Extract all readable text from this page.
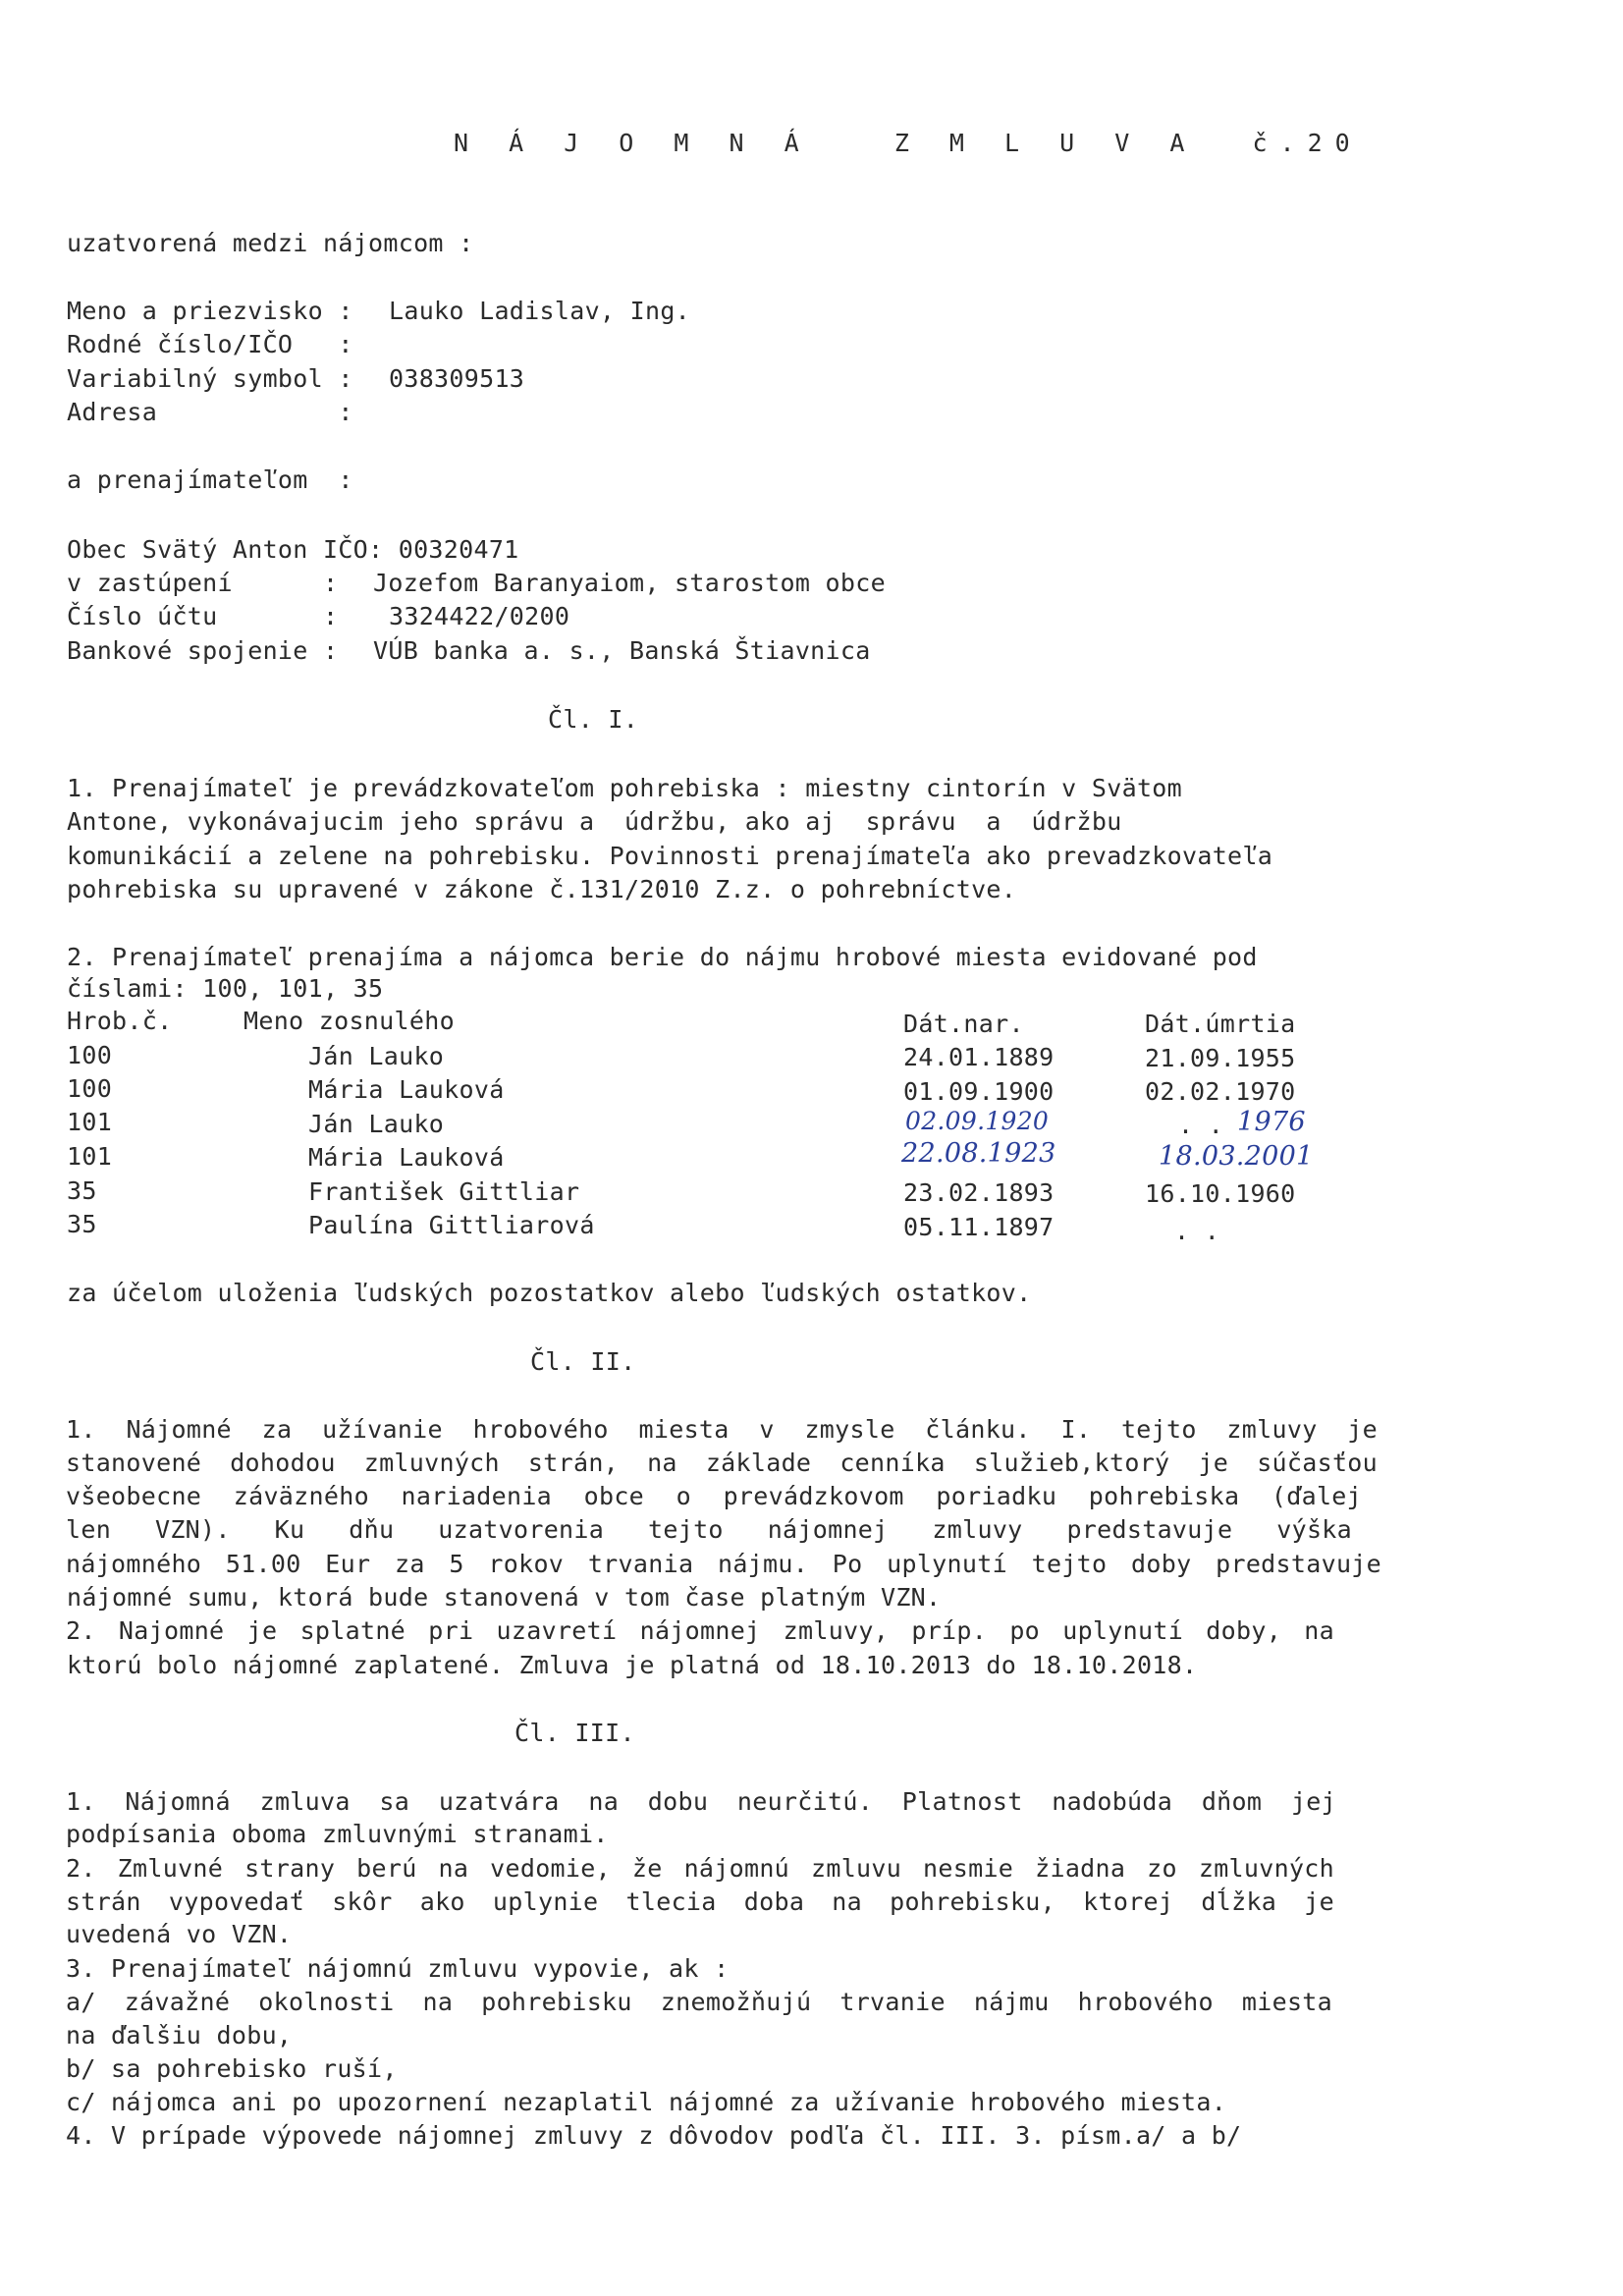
N Á J O M N Á   Z M L U V A  č.20
uzatvorená medzi nájomcom :
Meno a priezvisko : Lauko Ladislav, Ing.
Rodné číslo/IČO   :
Variabilný symbol : 038309513
Adresa            :
a prenajímateľom  :
Obec Svätý Anton IČO: 00320471
v zastúpení      : Jozefom Baranyaiom, starostom obce
Číslo účtu       : 3324422/0200
Bankové spojenie : VÚB banka a. s., Banská Štiavnica
Čl. I.
1. Prenajímateľ je prevádzkovateľom pohrebiska : miestny cintorín v Svätom
Antone, vykonávajucim jeho správu a  údržbu, ako aj  správu  a  údržbu
komunikácií a zelene na pohrebisku. Povinnosti prenajímateľa ako prevadzkovateľa
pohrebiska su upravené v zákone č.131/2010 Z.z. o pohrebníctve.
2. Prenajímateľ prenajíma a nájomca berie do nájmu hrobové miesta evidované pod
číslami: 100, 101, 35
Hrob.č.	Meno zosnulého	Dát.nar.	Dát.úmrtia
100	Ján Lauko	24.01.1889	21.09.1955
100	Mária Lauková	01.09.1900	02.02.1970
101	Ján Lauko	02.09.1920	. . 1976
101	Mária Lauková	22.08.1923	18.03.2001
35	František Gittliar	23.02.1893	16.10.1960
35	Paulína Gittliarová	05.11.1897	. .
za účelom uloženia ľudských pozostatkov alebo ľudských ostatkov.
Čl. II.
1. Nájomné za užívanie hrobového miesta v zmysle článku. I. tejto zmluvy je
stanovené dohodou zmluvných strán, na základe cenníka služieb,ktorý je súčasťou
všeobecne záväzného nariadenia obce o prevádzkovom poriadku pohrebiska (ďalej
len VZN). Ku dňu uzatvorenia tejto nájomnej zmluvy predstavuje výška
nájomného 51.00 Eur za 5 rokov trvania nájmu. Po uplynutí tejto doby predstavuje
nájomné sumu, ktorá bude stanovená v tom čase platným VZN.
2. Najomné je splatné pri uzavretí nájomnej zmluvy, príp. po uplynutí doby, na
ktorú bolo nájomné zaplatené. Zmluva je platná od 18.10.2013 do 18.10.2018.
Čl. III.
1. Nájomná zmluva sa uzatvára na dobu neurčitú. Platnost nadobúda dňom jej
podpísania oboma zmluvnými stranami.
2. Zmluvné strany berú na vedomie, že nájomnú zmluvu nesmie žiadna zo zmluvných
strán vypovedať skôr ako uplynie tlecia doba na pohrebisku, ktorej dĺžka je
uvedená vo VZN.
3. Prenajímateľ nájomnú zmluvu vypovie, ak :
a/ závažné okolnosti na pohrebisku znemožňujú trvanie nájmu hrobového miesta
na ďalšiu dobu,
b/ sa pohrebisko ruší,
c/ nájomca ani po upozornení nezaplatil nájomné za užívanie hrobového miesta.
4. V prípade výpovede nájomnej zmluvy z dôvodov podľa čl. III. 3. písm.a/ a b/
